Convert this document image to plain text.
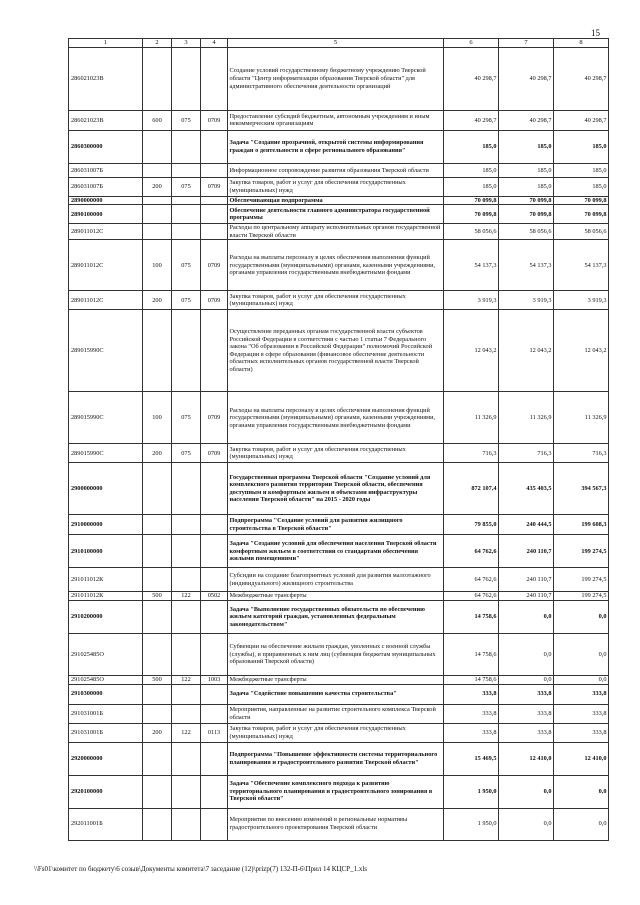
15
1	2	3	4	5	6	7	8
286021023В				Создание условий государственному бюджетному учреждению Тверской области "Центр информатизации образования Тверской области" для административного обеспечения деятельности организаций	40 298,7	40 298,7	40 298,7
286021023В	600	075	0709	Предоставление субсидий бюджетным, автономным учреждениям и иным некоммерческим организациям	40 298,7	40 298,7	40 298,7
2860300000				Задача "Создание прозрачной, открытой системы информирования граждан о деятельности в сфере регионального образования"	185,0	185,0	185,0
286031007Б				Информационное сопровождение развития образования Тверской области	185,0	185,0	185,0
286031007Б	200	075	0709	Закупка товаров, работ и услуг для обеспечения государственных (муниципальных) нужд	185,0	185,0	185,0
2890000000				Обеспечивающая подпрограмма	70 099,8	70 099,8	70 099,8
2890100000				Обеспечение деятельности главного администратора государственной программы	70 099,8	70 099,8	70 099,8
289011012С				Расходы по центральному аппарату исполнительных органов государственной власти Тверской области	58 056,6	58 056,6	58 056,6
289011012С	100	075	0709	Расходы на выплаты персоналу в целях обеспечения выполнения функций государственными (муниципальными) органами, казенными учреждениями, органами управления государственными внебюджетными фондами	54 137,3	54 137,3	54 137,3
289011012С	200	075	0709	Закупка товаров, работ и услуг для обеспечения государственных (муниципальных) нужд	3 919,3	3 919,3	3 919,3
289015990С				Осуществление переданных органам государственной власти субъектов Российской Федерации в соответствии с частью 1 статьи 7 Федерального закона "Об образовании в Российской Федерации" полномочий Российской Федерации в сфере образования (финансовое обеспечение деятельности областных исполнительных органов государственной власти Тверской области)	12 043,2	12 043,2	12 043,2
289015990С	100	075	0709	Расходы на выплаты персоналу в целях обеспечения выполнения функций государственными (муниципальными) органами, казенными учреждениями, органами управления государственными внебюджетными фондами	11 326,9	11 326,9	11 326,9
289015990С	200	075	0709	Закупка товаров, работ и услуг для обеспечения государственных (муниципальных) нужд	716,3	716,3	716,3
2900000000				Государственная программа Тверской области "Создание условий для комплексного развития территории Тверской области, обеспечения доступным и комфортным жильем и объектами инфраструктуры населения Тверской области" на 2015 - 2020 годы	872 107,4	435 403,5	394 567,3
2910000000				Подпрограмма "Создание условий для развития жилищного строительства в Тверской области"	79 855,0	240 444,5	199 608,3
2910100000				Задача "Создание условий для обеспечения населения Тверской области комфортным жильем в соответствии со стандартами обеспечения жилыми помещениями"	64 762,6	240 110,7	199 274,5
291011012К				Субсидии на создание благоприятных условий для развития малоэтажного (индивидуального) жилищного строительства	64 762,6	240 110,7	199 274,5
291011012К	500	122	0502	Межбюджетные трансферты	64 762,6	240 110,7	199 274,5
2910200000				Задача "Выполнение государственных обязательств по обеспечению жильем категорий граждан, установленных федеральным законодательством"	14 758,6	0,0	0,0
291025485О				Субвенции на обеспечение жильем граждан, уволенных с военной службы (службы), и приравненных к ним лиц (субвенция бюджетам муниципальных образований Тверской области)	14 758,6	0,0	0,0
291025485О	500	122	1003	Межбюджетные трансферты	14 758,6	0,0	0,0
2910300000				Задача "Содействие повышению качества строительства"	333,8	333,8	333,8
291031001Б				Мероприятия, направленные на развитие строительного комплекса Тверской области	333,8	333,8	333,8
291031001Б	200	122	0113	Закупка товаров, работ и услуг для обеспечения государственных (муниципальных) нужд	333,8	333,8	333,8
2920000000				Подпрограмма "Повышение эффективности системы территориального планирования и градостроительного развития Тверской области"	15 469,5	12 410,0	12 410,0
2920100000				Задача "Обеспечение комплексного подхода к развитию территориального планирования и градостроительного зонирования в Тверской области"	1 950,0	0,0	0,0
292011001Б				Мероприятия по внесению изменений в региональные нормативы градостроительного проектирования Тверской области	1 950,0	0,0	0,0
\\Fs01\комитет по бюджету\6 созыв\Документы комитета\7 заседание (12)\prizp(7) 132-П-6\Прил 14 КЦСР_1.xls
